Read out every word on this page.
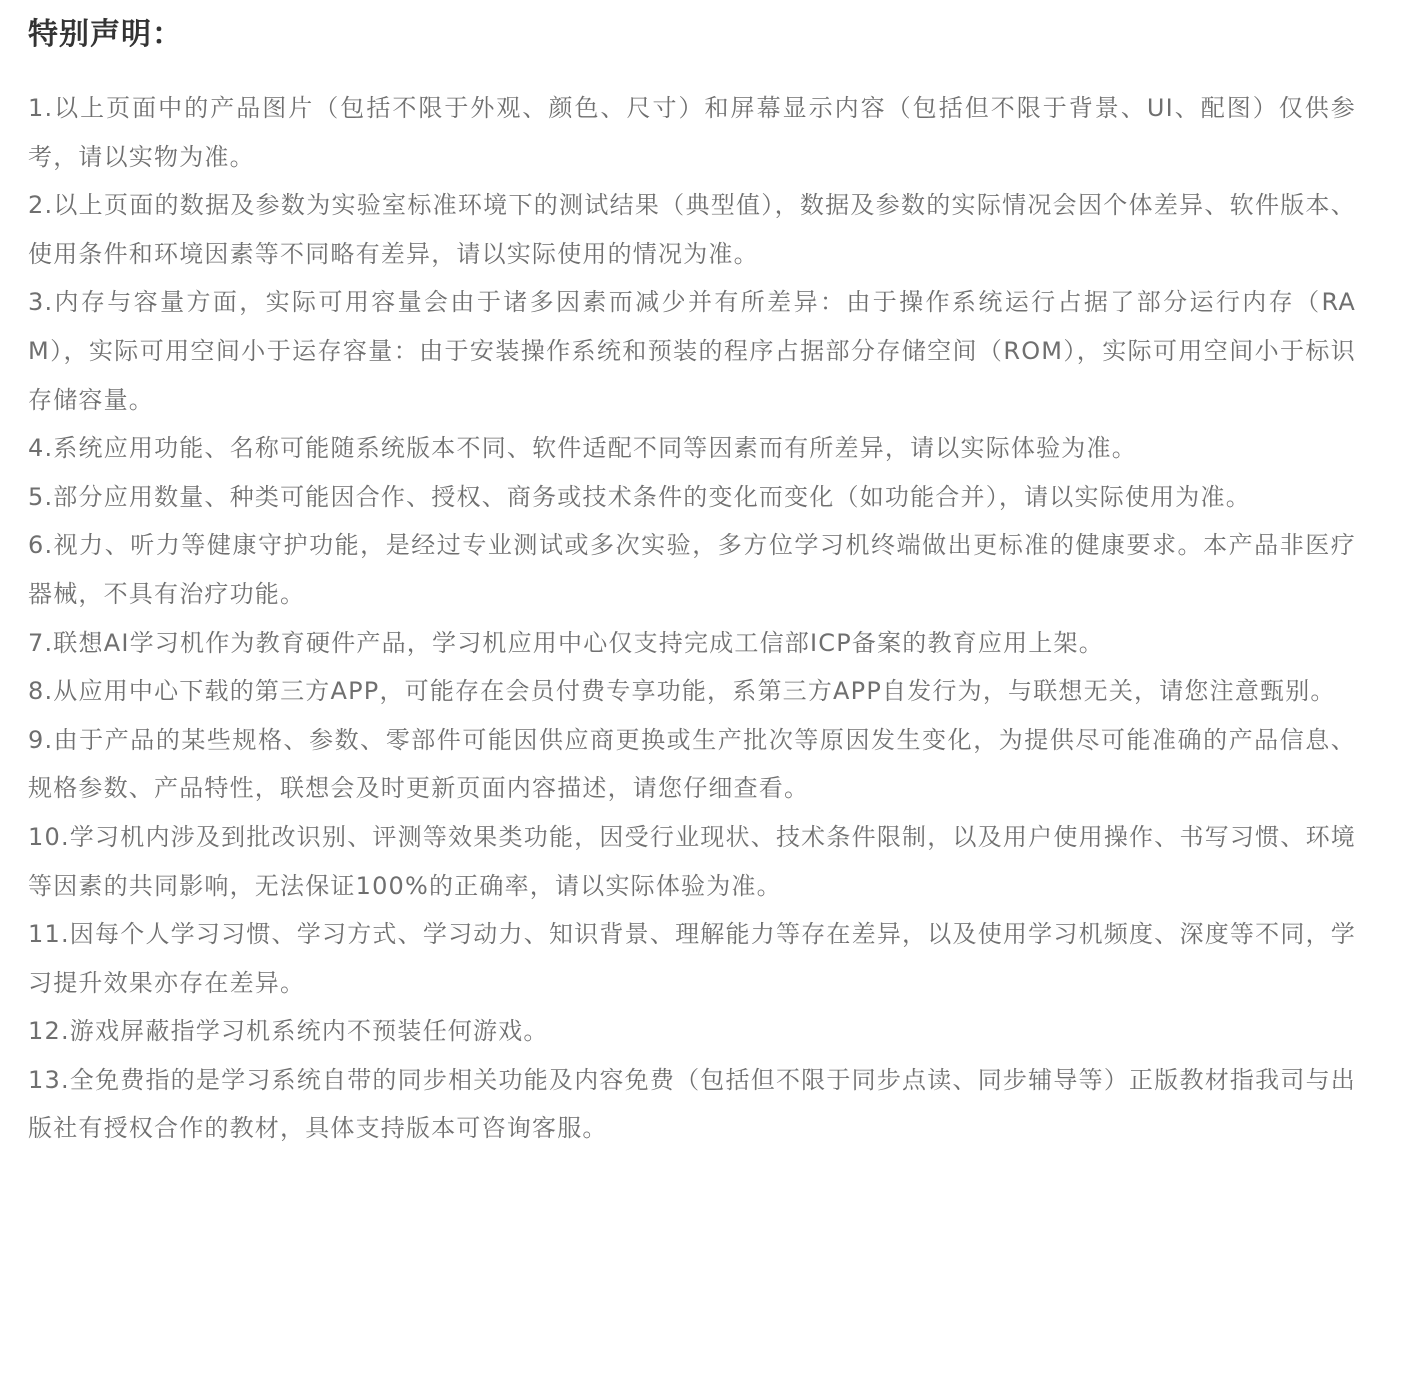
特别声明：
1.以上页面中的产品图片（包括不限于外观、颜色、尺寸）和屏幕显示内容（包括但不限于背景、UI、配图）仅供参考，请以实物为准。
2.以上页面的数据及参数为实验室标准环境下的测试结果（典型值），数据及参数的实际情况会因个体差异、软件版本、使用条件和环境因素等不同略有差异，请以实际使用的情况为准。
3.内存与容量方面，实际可用容量会由于诸多因素而减少并有所差异：由于操作系统运行占据了部分运行内存（RAM），实际可用空间小于运存容量：由于安装操作系统和预装的程序占据部分存储空间（ROM），实际可用空间小于标识存储容量。
4.系统应用功能、名称可能随系统版本不同、软件适配不同等因素而有所差异，请以实际体验为准。
5.部分应用数量、种类可能因合作、授权、商务或技术条件的变化而变化（如功能合并），请以实际使用为准。
6.视力、听力等健康守护功能，是经过专业测试或多次实验，多方位学习机终端做出更标准的健康要求。本产品非医疗器械，不具有治疗功能。
7.联想AI学习机作为教育硬件产品，学习机应用中心仅支持完成工信部ICP备案的教育应用上架。
8.从应用中心下载的第三方APP，可能存在会员付费专享功能，系第三方APP自发行为，与联想无关，请您注意甄别。
9.由于产品的某些规格、参数、零部件可能因供应商更换或生产批次等原因发生变化，为提供尽可能准确的产品信息、规格参数、产品特性，联想会及时更新页面内容描述，请您仔细查看。
10.学习机内涉及到批改识别、评测等效果类功能，因受行业现状、技术条件限制，以及用户使用操作、书写习惯、环境等因素的共同影响，无法保证100%的正确率，请以实际体验为准。
11.因每个人学习习惯、学习方式、学习动力、知识背景、理解能力等存在差异，以及使用学习机频度、深度等不同，学习提升效果亦存在差异。
12.游戏屏蔽指学习机系统内不预装任何游戏。
13.全免费指的是学习系统自带的同步相关功能及内容免费（包括但不限于同步点读、同步辅导等）正版教材指我司与出版社有授权合作的教材，具体支持版本可咨询客服。
